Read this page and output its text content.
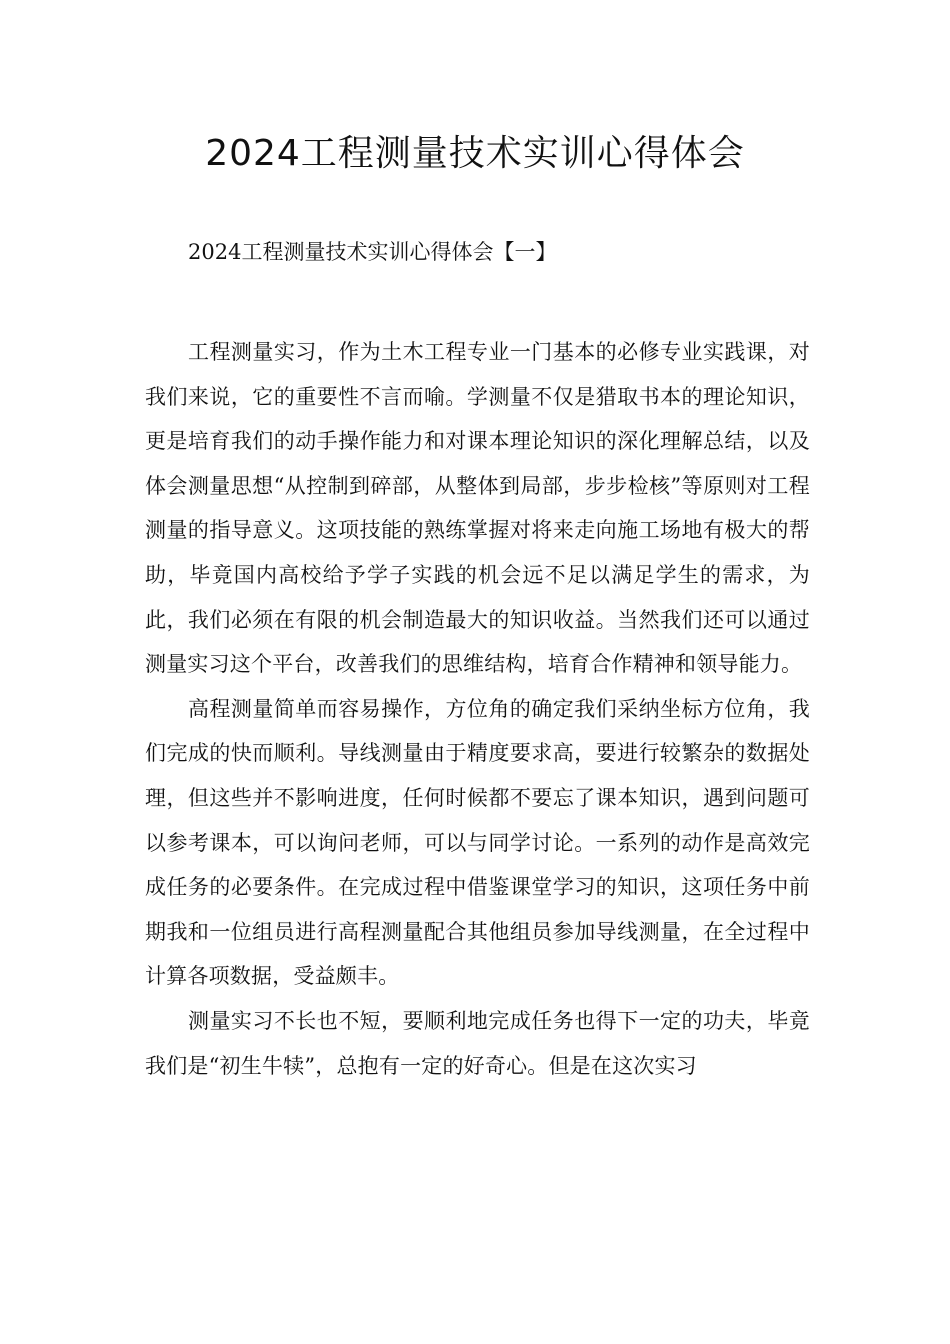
2024工程测量技术实训心得体会
2024工程测量技术实训心得体会【一】

工程测量实习，作为土木工程专业一门基本的必修专业实践课，对我们来说，它的重要性不言而喻。学测量不仅是猎取书本的理论知识，更是培育我们的动手操作能力和对课本理论知识的深化理解总结，以及体会测量思想“从控制到碎部，从整体到局部，步步检核”等原则对工程测量的指导意义。这项技能的熟练掌握对将来走向施工场地有极大的帮助，毕竟国内高校给予学子实践的机会远不足以满足学生的需求，为此，我们必须在有限的机会制造最大的知识收益。当然我们还可以通过测量实习这个平台，改善我们的思维结构，培育合作精神和领导能力。

高程测量简单而容易操作，方位角的确定我们采纳坐标方位角，我们完成的快而顺利。导线测量由于精度要求高，要进行较繁杂的数据处理，但这些并不影响进度，任何时候都不要忘了课本知识，遇到问题可以参考课本，可以询问老师，可以与同学讨论。一系列的动作是高效完成任务的必要条件。在完成过程中借鉴课堂学习的知识，这项任务中前期我和一位组员进行高程测量配合其他组员参加导线测量，在全过程中计算各项数据，受益颇丰。

测量实习不长也不短，要顺利地完成任务也得下一定的功夫，毕竟我们是“初生牛犊”，总抱有一定的好奇心。但是在这次实习
